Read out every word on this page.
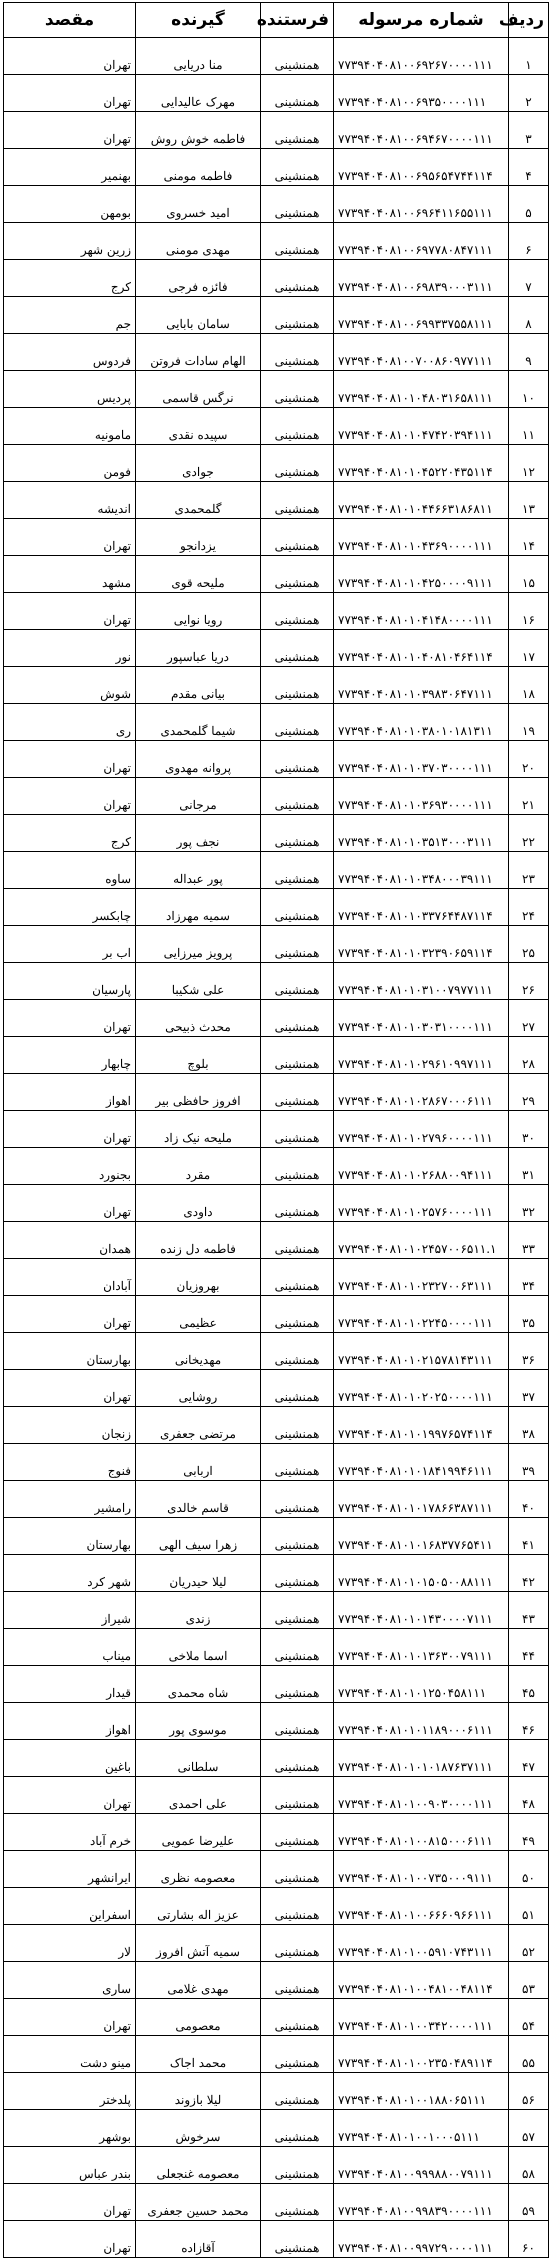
ردیف	شماره مرسوله	فرستنده	گیرنده	مقصد
۱	۷۷۳۹۴۰۴۰۸۱۰۰۶۹۲۶۷۰۰۰۰۱۱۱	همنشینی	منا دریایی	تهران
۲	۷۷۳۹۴۰۴۰۸۱۰۰۶۹۳۵۰۰۰۰۱۱۱	همنشینی	مهرک عالیدایی	تهران
۳	۷۷۳۹۴۰۴۰۸۱۰۰۶۹۴۶۷۰۰۰۰۱۱۱	همنشینی	فاطمه خوش روش	تهران
۴	۷۷۳۹۴۰۴۰۸۱۰۰۶۹۵۶۵۴۷۴۴۱۱۴	همنشینی	فاطمه مومنی	بهنمیر
۵	۷۷۳۹۴۰۴۰۸۱۰۰۶۹۶۴۱۱۶۵۵۱۱۱	همنشینی	امید خسروی	بومهن
۶	۷۷۳۹۴۰۴۰۸۱۰۰۶۹۷۷۸۰۸۴۷۱۱۱	همنشینی	مهدی مومنی	زرین شهر
۷	۷۷۳۹۴۰۴۰۸۱۰۰۶۹۸۳۹۰۰۰۳۱۱۱	همنشینی	فائزه فرجی	کرج
۸	۷۷۳۹۴۰۴۰۸۱۰۰۶۹۹۳۳۷۵۵۸۱۱۱	همنشینی	سامان بابایی	جم
۹	۷۷۳۹۴۰۴۰۸۱۰۰۷۰۰۸۶۰۹۷۷۱۱۱	همنشینی	الهام سادات فروتن	فردوس
۱۰	۷۷۳۹۴۰۴۰۸۱۰۱۰۴۸۰۳۱۶۵۸۱۱۱	همنشینی	نرگس قاسمی	پردیس
۱۱	۷۷۳۹۴۰۴۰۸۱۰۱۰۴۷۴۲۰۳۹۴۱۱۱	همنشینی	سپیده نقدی	مامونیه
۱۲	۷۷۳۹۴۰۴۰۸۱۰۱۰۴۵۲۲۰۴۳۵۱۱۴	همنشینی	جوادی	فومن
۱۳	۷۷۳۹۴۰۴۰۸۱۰۱۰۴۴۶۶۳۱۸۶۸۱۱	همنشینی	گلمحمدی	اندیشه
۱۴	۷۷۳۹۴۰۴۰۸۱۰۱۰۴۳۶۹۰۰۰۰۱۱۱	همنشینی	یزدانجو	تهران
۱۵	۷۷۳۹۴۰۴۰۸۱۰۱۰۴۲۵۰۰۰۰۹۱۱۱	همنشینی	ملیحه قوی	مشهد
۱۶	۷۷۳۹۴۰۴۰۸۱۰۱۰۴۱۴۸۰۰۰۰۱۱۱	همنشینی	رویا نوایی	تهران
۱۷	۷۷۳۹۴۰۴۰۸۱۰۱۰۴۰۸۱۰۴۶۴۱۱۴	همنشینی	دریا عباسپور	نور
۱۸	۷۷۳۹۴۰۴۰۸۱۰۱۰۳۹۸۳۰۶۴۷۱۱۱	همنشینی	بیانی مقدم	شوش
۱۹	۷۷۳۹۴۰۴۰۸۱۰۱۰۳۸۰۱۰۱۸۱۳۱۱	همنشینی	شیما گلمحمدی	ری
۲۰	۷۷۳۹۴۰۴۰۸۱۰۱۰۳۷۰۳۰۰۰۰۱۱۱	همنشینی	پروانه مهدوی	تهران
۲۱	۷۷۳۹۴۰۴۰۸۱۰۱۰۳۶۹۳۰۰۰۰۱۱۱	همنشینی	مرجانی	تهران
۲۲	۷۷۳۹۴۰۴۰۸۱۰۱۰۳۵۱۳۰۰۰۳۱۱۱	همنشینی	نجف پور	کرج
۲۳	۷۷۳۹۴۰۴۰۸۱۰۱۰۳۴۸۰۰۰۳۹۱۱۱	همنشینی	پور عبداله	ساوه
۲۴	۷۷۳۹۴۰۴۰۸۱۰۱۰۳۳۷۶۴۴۸۷۱۱۴	همنشینی	سمیه مهرزاد	چابکسر
۲۵	۷۷۳۹۴۰۴۰۸۱۰۱۰۳۲۳۹۰۶۵۹۱۱۴	همنشینی	پرویز میرزایی	اب بر
۲۶	۷۷۳۹۴۰۴۰۸۱۰۱۰۳۱۰۰۷۹۷۷۱۱۱	همنشینی	علی شکیبا	پارسیان
۲۷	۷۷۳۹۴۰۴۰۸۱۰۱۰۳۰۳۱۰۰۰۰۱۱۱	همنشینی	محدث ذبیحی	تهران
۲۸	۷۷۳۹۴۰۴۰۸۱۰۱۰۲۹۶۱۰۹۹۷۱۱۱	همنشینی	بلوچ	چابهار
۲۹	۷۷۳۹۴۰۴۰۸۱۰۱۰۲۸۶۷۰۰۰۶۱۱۱	همنشینی	افروز حافظی بیر	اهواز
۳۰	۷۷۳۹۴۰۴۰۸۱۰۱۰۲۷۹۶۰۰۰۰۱۱۱	همنشینی	ملیحه نیک زاد	تهران
۳۱	۷۷۳۹۴۰۴۰۸۱۰۱۰۲۶۸۸۰۰۹۴۱۱۱	همنشینی	مقرد	بجنورد
۳۲	۷۷۳۹۴۰۴۰۸۱۰۱۰۲۵۷۶۰۰۰۰۱۱۱	همنشینی	داودی	تهران
۳۳	۷۷۳۹۴۰۴۰۸۱۰۱۰۲۴۵۷۰۰۶۵۱۱.۱	همنشینی	فاطمه دل زنده	همدان
۳۴	۷۷۳۹۴۰۴۰۸۱۰۱۰۲۳۲۷۰۰۶۳۱۱۱	همنشینی	بهروزیان	آبادان
۳۵	۷۷۳۹۴۰۴۰۸۱۰۱۰۲۲۴۵۰۰۰۰۱۱۱	همنشینی	عظیمی	تهران
۳۶	۷۷۳۹۴۰۴۰۸۱۰۱۰۲۱۵۷۸۱۴۳۱۱۱	همنشینی	مهدیخانی	بهارستان
۳۷	۷۷۳۹۴۰۴۰۸۱۰۱۰۲۰۲۵۰۰۰۰۱۱۱	همنشینی	روشایی	تهران
۳۸	۷۷۳۹۴۰۴۰۸۱۰۱۰۱۹۹۷۶۵۷۴۱۱۴	همنشینی	مرتضی جعفری	زنجان
۳۹	۷۷۳۹۴۰۴۰۸۱۰۱۰۱۸۴۱۹۹۴۶۱۱۱	همنشینی	اربابی	فنوج
۴۰	۷۷۳۹۴۰۴۰۸۱۰۱۰۱۷۸۶۶۳۸۷۱۱۱	همنشینی	قاسم خالدی	رامشیر
۴۱	۷۷۳۹۴۰۴۰۸۱۰۱۰۱۶۸۳۷۷۶۵۴۱۱	همنشینی	زهرا سیف الهی	بهارستان
۴۲	۷۷۳۹۴۰۴۰۸۱۰۱۰۱۵۰۵۰۰۸۸۱۱۱	همنشینی	لیلا حیدریان	شهر کرد
۴۳	۷۷۳۹۴۰۴۰۸۱۰۱۰۱۴۳۰۰۰۰۷۱۱۱	همنشینی	زندی	شیراز
۴۴	۷۷۳۹۴۰۴۰۸۱۰۱۰۱۳۶۳۰۰۷۹۱۱۱	همنشینی	اسما ملاخی	میناب
۴۵	۷۷۳۹۴۰۴۰۸۱۰۱۰۱۲۵۰۴۵۸۱۱۱	همنشینی	شاه محمدی	قیدار
۴۶	۷۷۳۹۴۰۴۰۸۱۰۱۰۱۱۸۹۰۰۰۶۱۱۱	همنشینی	موسوی پور	اهواز
۴۷	۷۷۳۹۴۰۴۰۸۱۰۱۰۱۰۱۸۷۶۳۷۱۱۱	همنشینی	سلطانی	باغین
۴۸	۷۷۳۹۴۰۴۰۸۱۰۱۰۰۹۰۳۰۰۰۰۱۱۱	همنشینی	علی احمدی	تهران
۴۹	۷۷۳۹۴۰۴۰۸۱۰۱۰۰۸۱۵۰۰۰۶۱۱۱	همنشینی	علیرضا عمویی	خرم آباد
۵۰	۷۷۳۹۴۰۴۰۸۱۰۱۰۰۷۳۵۰۰۰۹۱۱۱	همنشینی	معصومه نظری	ایرانشهر
۵۱	۷۷۳۹۴۰۴۰۸۱۰۱۰۰۶۶۶۰۹۶۶۱۱۱	همنشینی	عزیز اله بشارتی	اسفراین
۵۲	۷۷۳۹۴۰۴۰۸۱۰۱۰۰۵۹۱۰۷۴۳۱۱۱	همنشینی	سمیه آتش افروز	لار
۵۳	۷۷۳۹۴۰۴۰۸۱۰۱۰۰۴۸۱۰۰۴۸۱۱۴	همنشینی	مهدی غلامی	ساری
۵۴	۷۷۳۹۴۰۴۰۸۱۰۱۰۰۳۴۲۰۰۰۰۱۱۱	همنشینی	معصومی	تهران
۵۵	۷۷۳۹۴۰۴۰۸۱۰۱۰۰۲۳۵۰۴۸۹۱۱۴	همنشینی	محمد اجاک	مینو دشت
۵۶	۷۷۳۹۴۰۴۰۸۱۰۱۰۰۱۸۸۰۶۵۱۱۱	همنشینی	لیلا بازوند	پلدختر
۵۷	۷۷۳۹۴۰۴۰۸۱۰۱۰۰۱۰۰۰۵۱۱۱	همنشینی	سرخوش	بوشهر
۵۸	۷۷۳۹۴۰۴۰۸۱۰۰۹۹۹۸۸۰۰۷۹۱۱۱	همنشینی	معصومه غنجعلی	بندر عباس
۵۹	۷۷۳۹۴۰۴۰۸۱۰۰۹۹۸۳۹۰۰۰۰۱۱۱	همنشینی	محمد حسین جعفری	تهران
۶۰	۷۷۳۹۴۰۴۰۸۱۰۰۹۹۷۲۹۰۰۰۰۱۱۱	همنشینی	آقازاده	تهران
